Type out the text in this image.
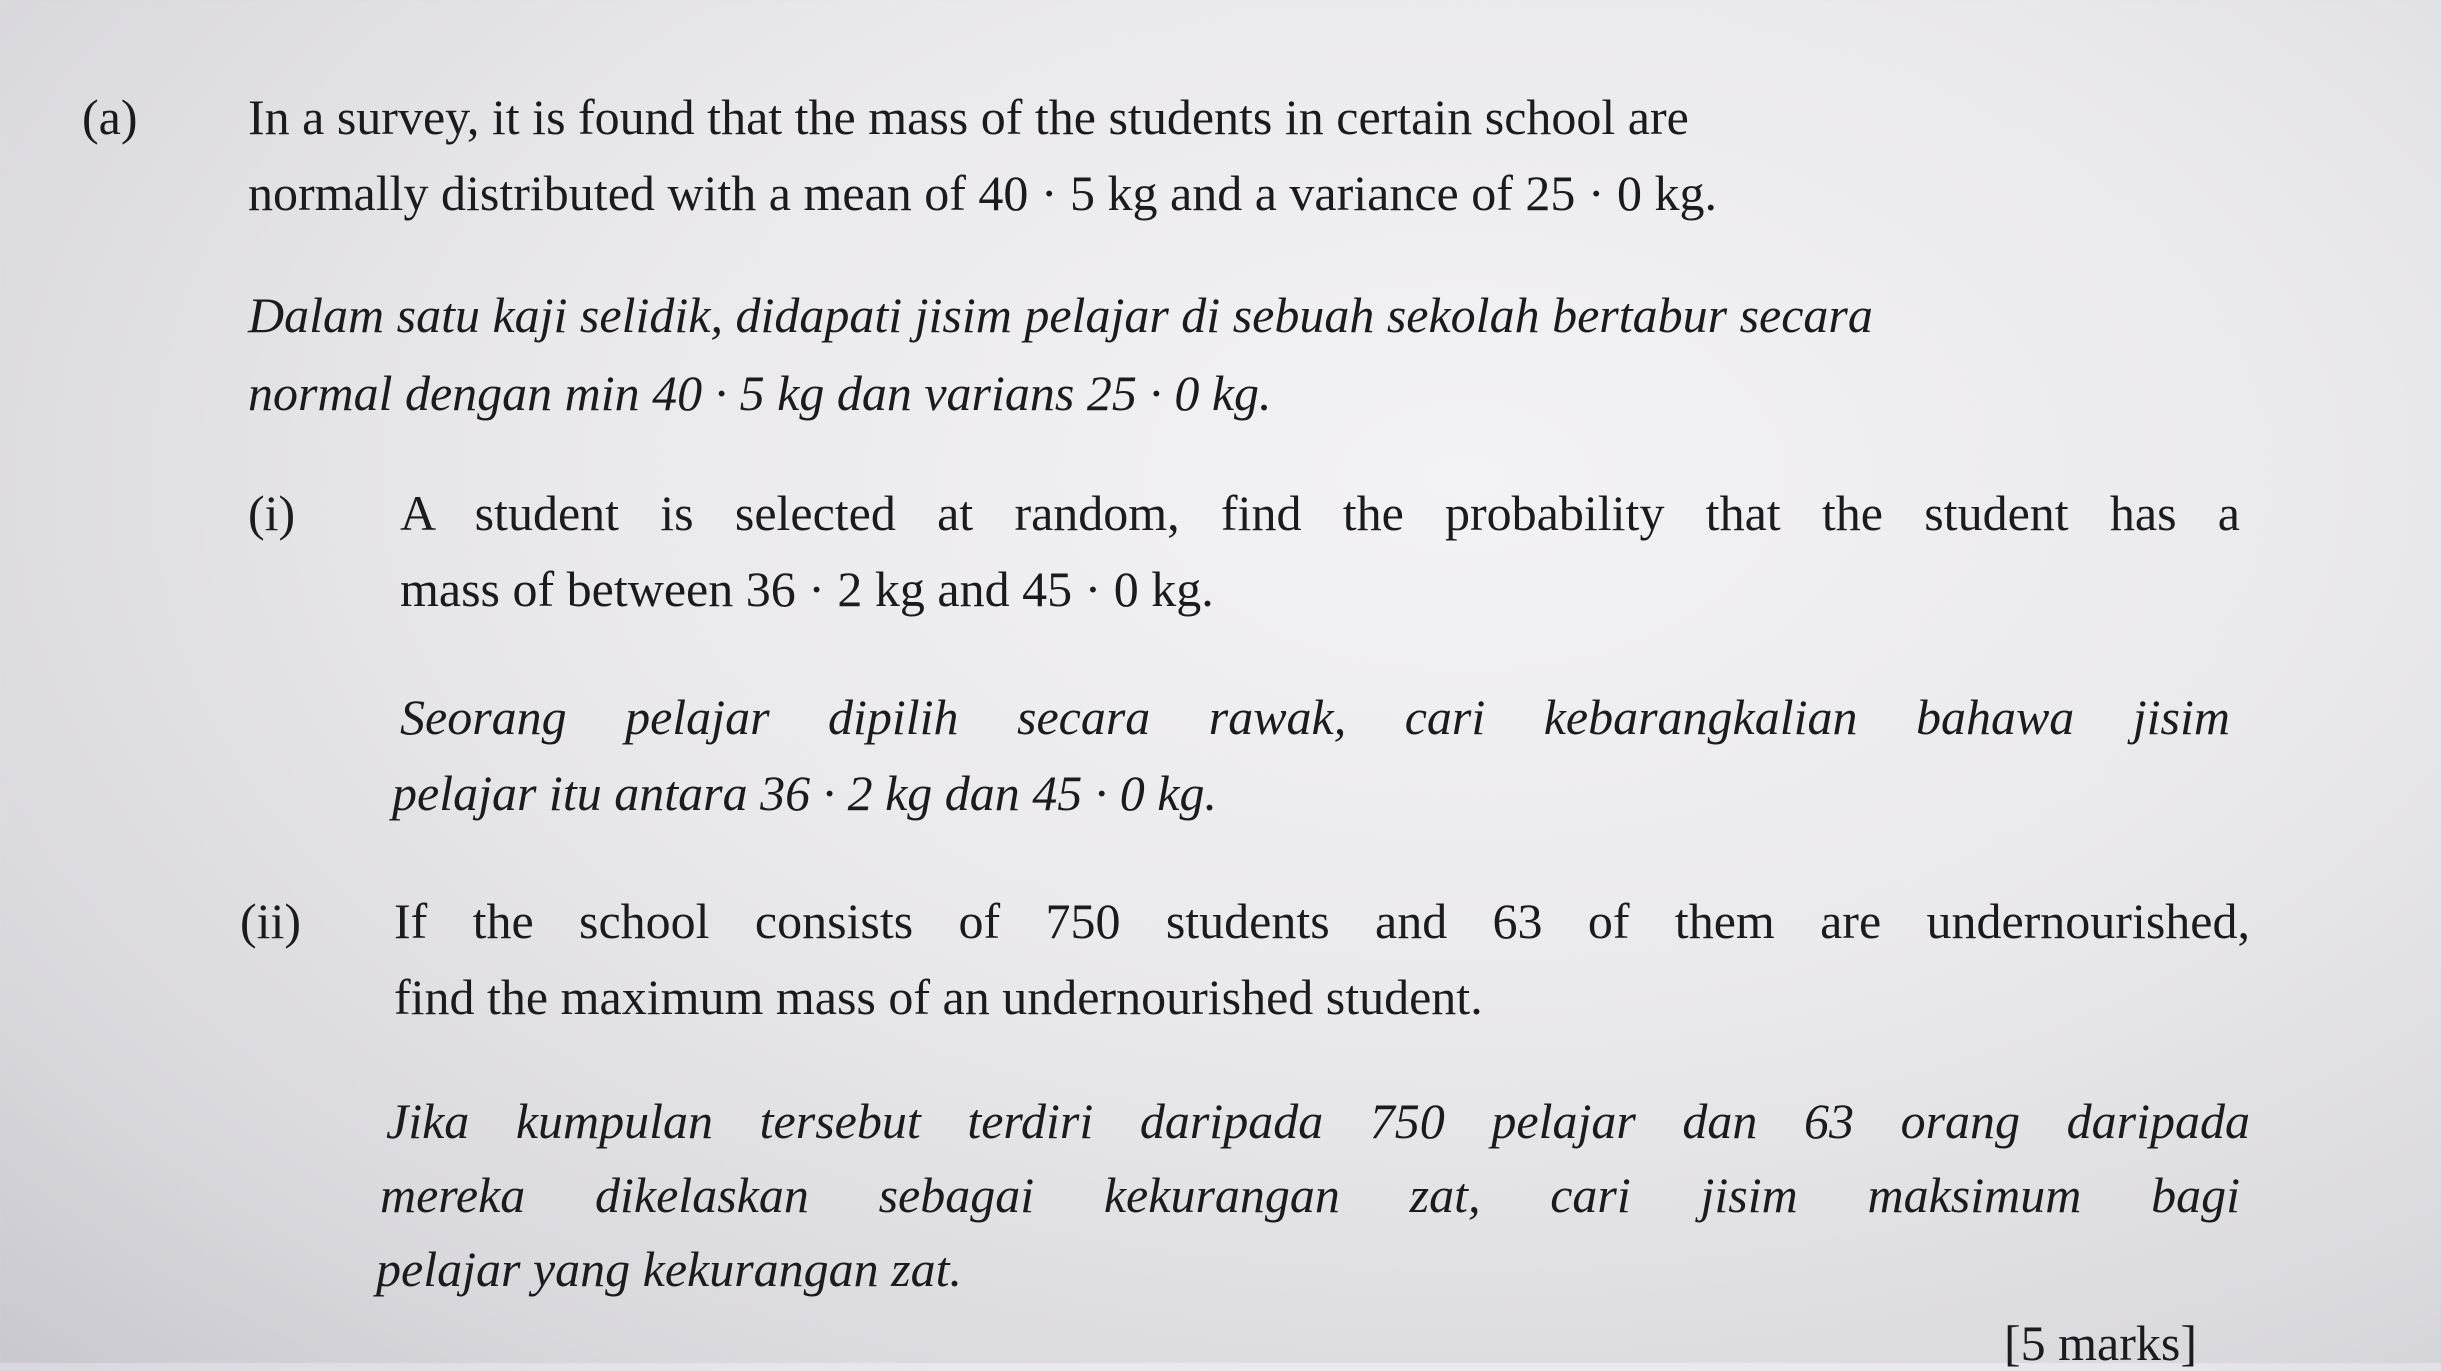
(a) In a survey, it is found that the mass of the students in certain school are
normally distributed with a mean of 40 · 5 kg and a variance of 25 · 0 kg.
Dalam satu kaji selidik, didapati jisim pelajar di sebuah sekolah bertabur secara
normal dengan min 40 · 5 kg dan varians 25 · 0 kg.
(i) A student is selected at random, find the probability that the student has a
mass of between 36 · 2 kg and 45 · 0 kg.
Seorang pelajar dipilih secara rawak, cari kebarangkalian bahawa jisim
pelajar itu antara 36 · 2 kg dan 45 · 0 kg.
(ii) If the school consists of 750 students and 63 of them are undernourished,
find the maximum mass of an undernourished student.
Jika kumpulan tersebut terdiri daripada 750 pelajar dan 63 orang daripada
mereka dikelaskan sebagai kekurangan zat, cari jisim maksimum bagi
pelajar yang kekurangan zat.
[5 marks]
